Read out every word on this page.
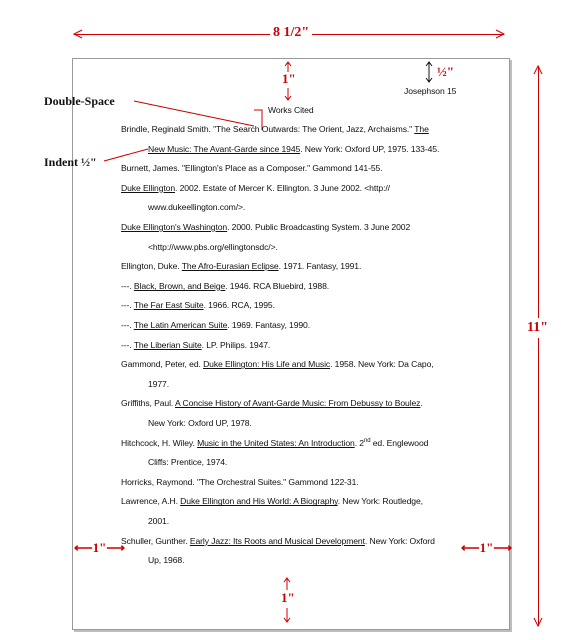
8 1/2"
11"
1"	½"
Josephson 15
Works Cited
Double-Space
Indent ½"
Brindle, Reginald Smith. "The Search Outwards: The Orient, Jazz, Archaisms." The
New Music: The Avant-Garde since 1945. New York: Oxford UP, 1975. 133-45.
Burnett, James. "Ellington's Place as a Composer." Gammond 141-55.
Duke Ellington. 2002. Estate of Mercer K. Ellington. 3 June 2002. <http://
www.dukeellington.com/>.
Duke Ellington's Washington. 2000. Public Broadcasting System. 3 June 2002
<http://www.pbs.org/ellingtonsdc/>.
Ellington, Duke. The Afro-Eurasian Eclipse. 1971. Fantasy, 1991.
---. Black, Brown, and Beige. 1946. RCA Bluebird, 1988.
---. The Far East Suite. 1966. RCA, 1995.
---. The Latin American Suite. 1969. Fantasy, 1990.
---. The Liberian Suite. LP. Philips. 1947.
Gammond, Peter, ed. Duke Ellington: His Life and Music. 1958. New York: Da Capo,
1977.
Griffiths, Paul. A Concise History of Avant-Garde Music: From Debussy to Boulez.
New York: Oxford UP, 1978.
Hitchcock, H. Wiley. Music in the United States: An Introduction. 2nd ed. Englewood
Cliffs: Prentice, 1974.
Horricks, Raymond. "The Orchestral Suites." Gammond 122-31.
Lawrence, A.H. Duke Ellington and His World: A Biography. New York: Routledge,
2001.
Schuller, Gunther. Early Jazz: Its Roots and Musical Development. New York: Oxford
Up, 1968.
⟵1"⟶	⟵1"⟶
1"
